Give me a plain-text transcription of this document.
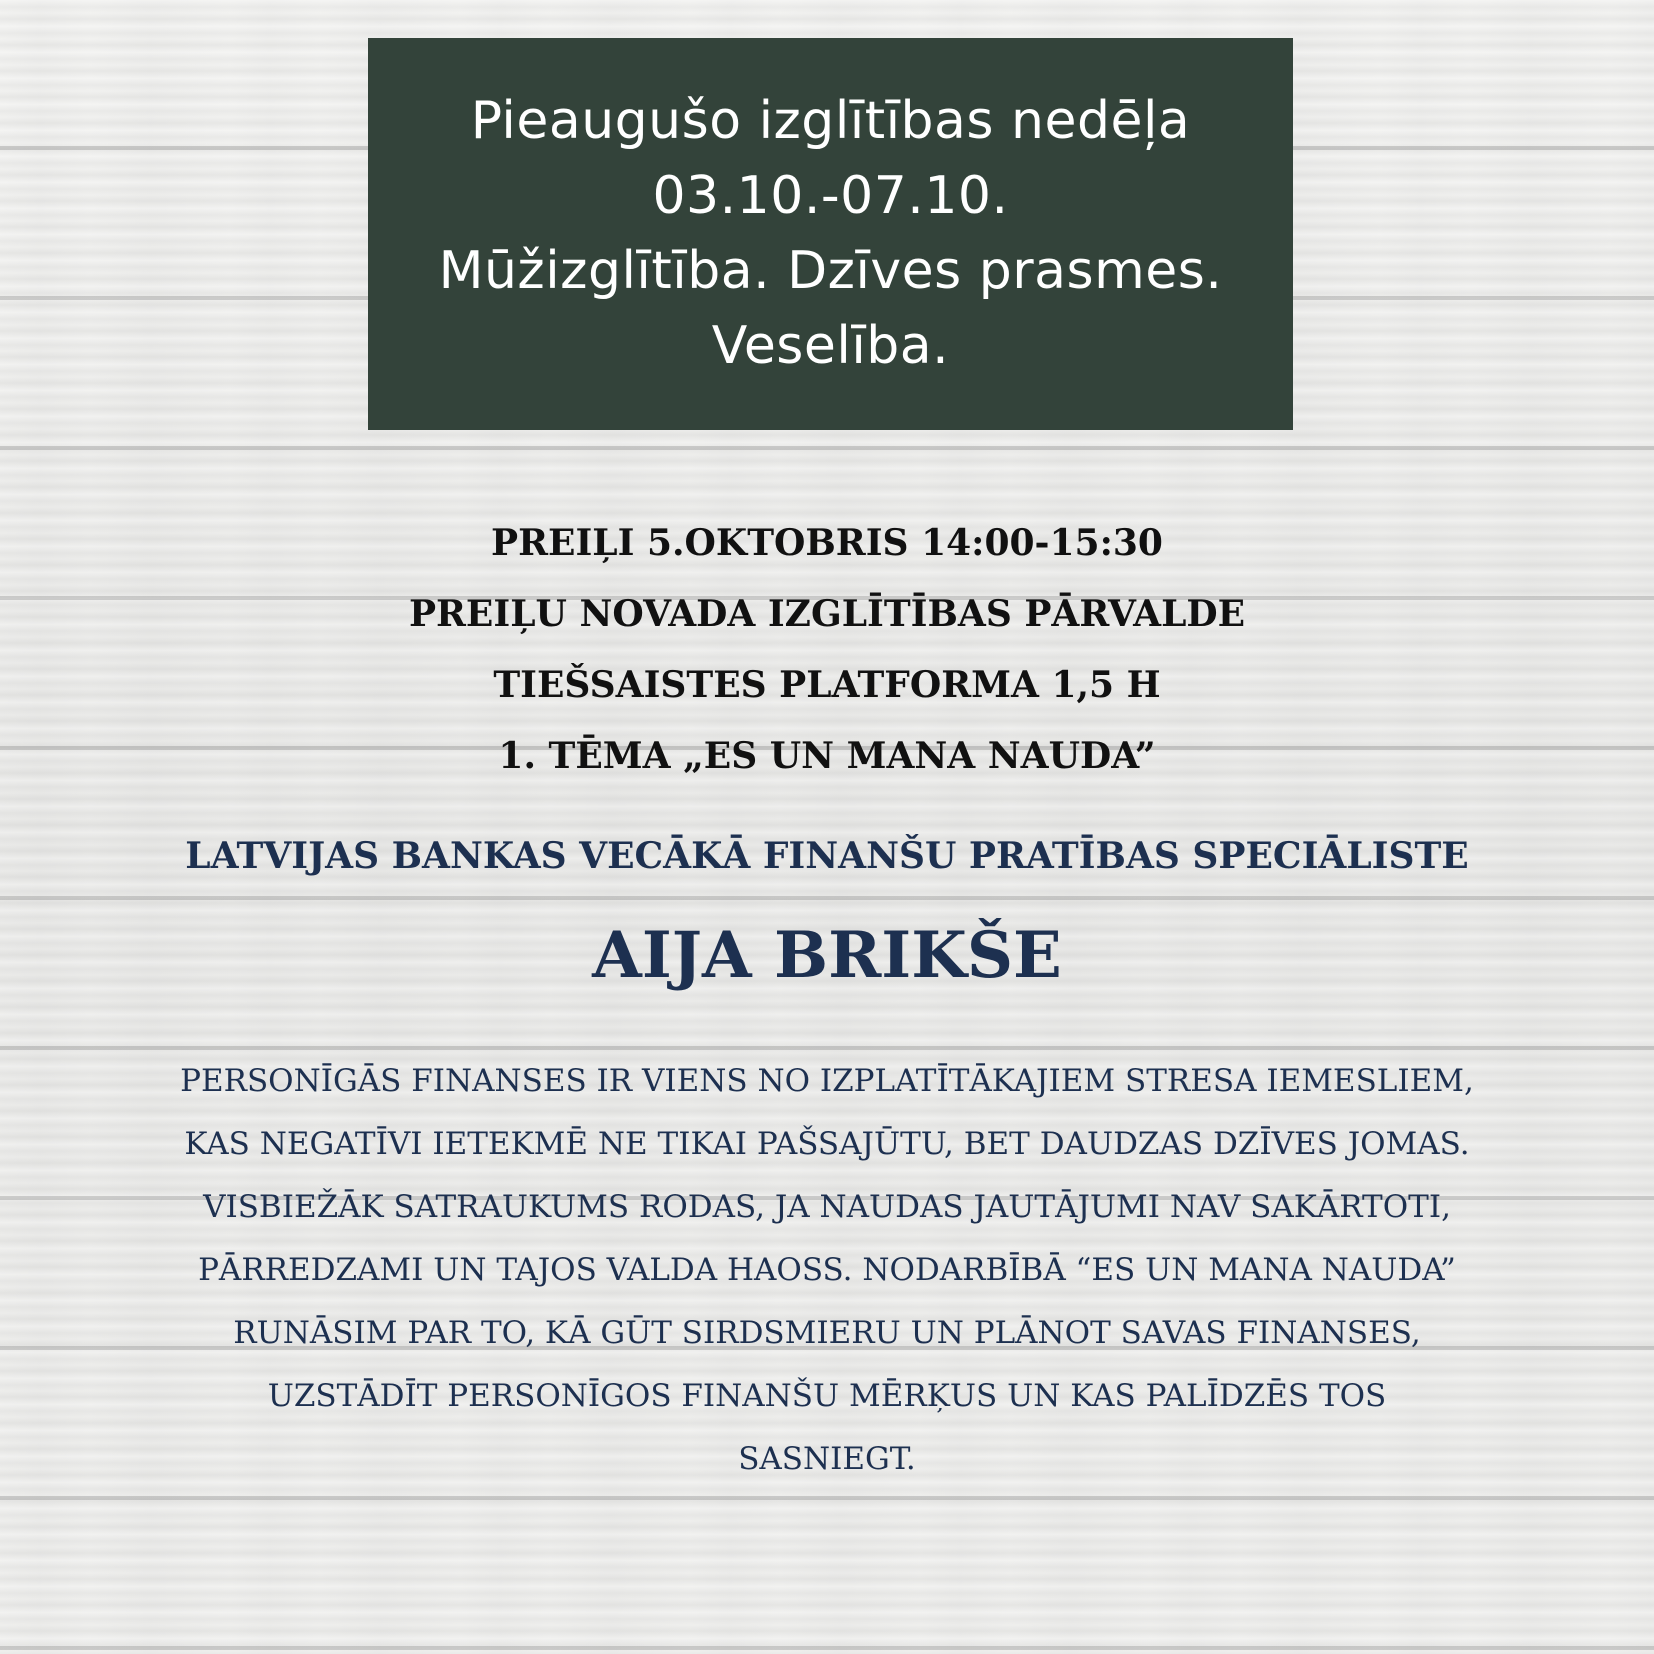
Pieaugušo izglītības nedēļa
03.10.-07.10.
Mūžizglītība. Dzīves prasmes.
Veselība.
PREIĻI 5.OKTOBRIS 14:00-15:30
PREIĻU NOVADA IZGLĪTĪBAS PĀRVALDE
TIEŠSAISTES PLATFORMA 1,5 H
1. TĒMA „ES UN MANA NAUDA”
LATVIJAS BANKAS VECĀKĀ FINANŠU PRATĪBAS SPECIĀLISTE
AIJA BRIKŠE
PERSONĪGĀS FINANSES IR VIENS NO IZPLATĪTĀKAJIEM STRESA IEMESLIEM,
KAS NEGATĪVI IETEKMĒ NE TIKAI PAŠSAJŪTU, BET DAUDZAS DZĪVES JOMAS.
VISBIEŽĀK SATRAUKUMS RODAS, JA NAUDAS JAUTĀJUMI NAV SAKĀRTOTI,
PĀRREDZAMI UN TAJOS VALDA HAOSS. NODARBĪBĀ “ES UN MANA NAUDA”
RUNĀSIM PAR TO, KĀ GŪT SIRDSMIERU UN PLĀNOT SAVAS FINANSES,
UZSTĀDĪT PERSONĪGOS FINANŠU MĒRĶUS UN KAS PALĪDZĒS TOS
SASNIEGT.
